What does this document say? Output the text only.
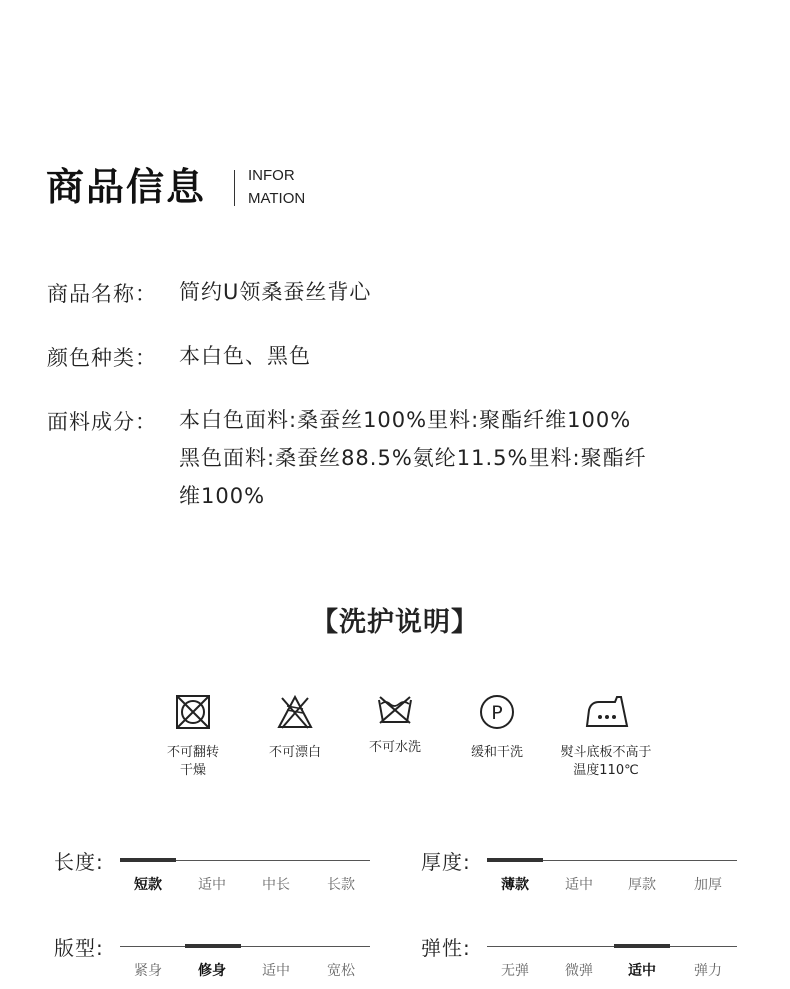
商品信息	INFOR
MATION
商品名称： 简约U领桑蚕丝背心
颜色种类： 本白色、黑色
面料成分： 本白色面料:桑蚕丝100%里料:聚酯纤维100%
黑色面料:桑蚕丝88.5%氨纶11.5%里料:聚酯纤
维100%
【洗护说明】
P
不可翻转
干燥
不可漂白	不可水洗	缓和干洗	熨斗底板不高于
温度110℃
长度:
短款	适中	中长	长款
厚度:
薄款	适中	厚款	加厚
版型:
紧身	修身	适中	宽松
弹性:
无弹	微弹	适中	弹力
